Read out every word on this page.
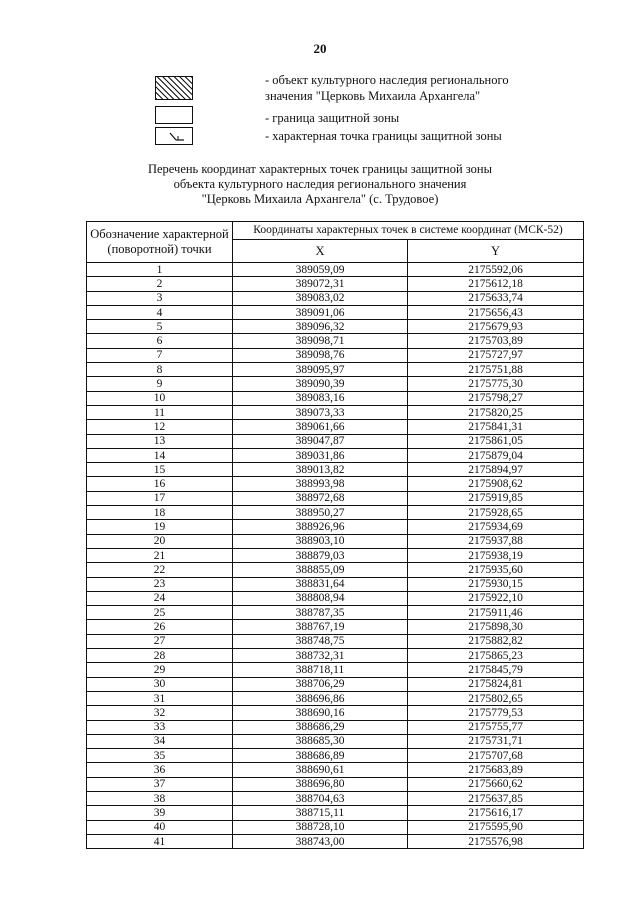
20
- объект культурного наследия регионального
значения "Церковь Михаила Архангела"
- граница защитной зоны
- характерная точка границы защитной зоны
Перечень координат характерных точек границы защитной зоны
объекта культурного наследия регионального значения
"Церковь Михаила Архангела" (с. Трудовое)
Обозначение характерной (поворотной) точки	Координаты характерных точек в системе координат (МСК-52)	
	X	Y
1	389059,09	2175592,06
2	389072,31	2175612,18
3	389083,02	2175633,74
4	389091,06	2175656,43
5	389096,32	2175679,93
6	389098,71	2175703,89
7	389098,76	2175727,97
8	389095,97	2175751,88
9	389090,39	2175775,30
10	389083,16	2175798,27
11	389073,33	2175820,25
12	389061,66	2175841,31
13	389047,87	2175861,05
14	389031,86	2175879,04
15	389013,82	2175894,97
16	388993,98	2175908,62
17	388972,68	2175919,85
18	388950,27	2175928,65
19	388926,96	2175934,69
20	388903,10	2175937,88
21	388879,03	2175938,19
22	388855,09	2175935,60
23	388831,64	2175930,15
24	388808,94	2175922,10
25	388787,35	2175911,46
26	388767,19	2175898,30
27	388748,75	2175882,82
28	388732,31	2175865,23
29	388718,11	2175845,79
30	388706,29	2175824,81
31	388696,86	2175802,65
32	388690,16	2175779,53
33	388686,29	2175755,77
34	388685,30	2175731,71
35	388686,89	2175707,68
36	388690,61	2175683,89
37	388696,80	2175660,62
38	388704,63	2175637,85
39	388715,11	2175616,17
40	388728,10	2175595,90
41	388743,00	2175576,98
